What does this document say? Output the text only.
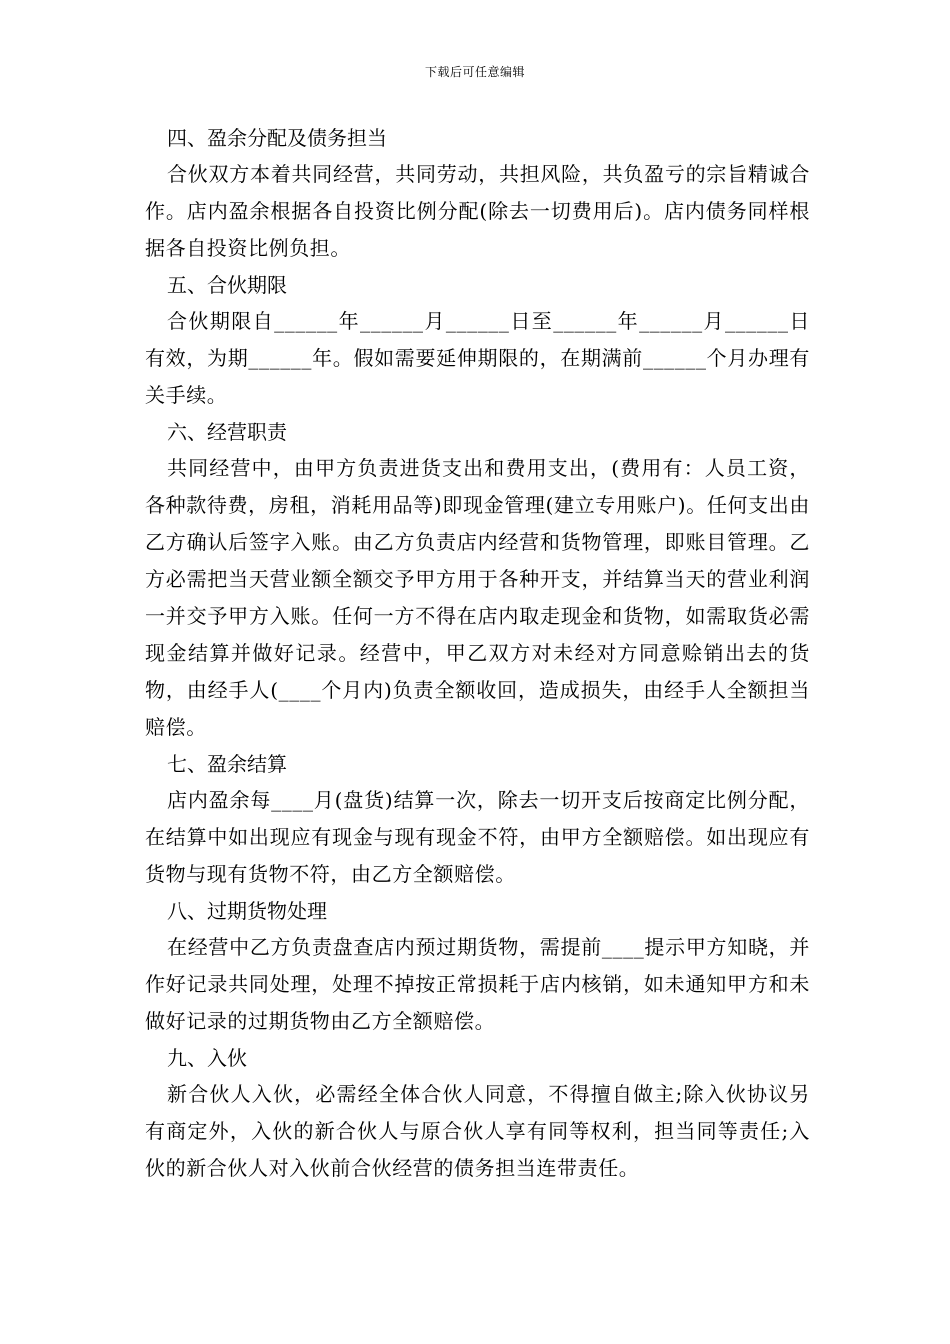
下载后可任意编辑
四、盈余分配及债务担当

合伙双方本着共同经营，共同劳动，共担风险，共负盈亏的宗旨精诚合作。店内盈余根据各自投资比例分配(除去一切费用后)。店内债务同样根据各自投资比例负担。

五、合伙期限

合伙期限自______年______月______日至______年______月______日有效，为期______年。假如需要延伸期限的，在期满前______个月办理有关手续。

六、经营职责

共同经营中，由甲方负责进货支出和费用支出，(费用有：人员工资，各种款待费，房租，消耗用品等)即现金管理(建立专用账户)。任何支出由乙方确认后签字入账。由乙方负责店内经营和货物管理，即账目管理。乙方必需把当天营业额全额交予甲方用于各种开支，并结算当天的营业利润一并交予甲方入账。任何一方不得在店内取走现金和货物，如需取货必需现金结算并做好记录。经营中，甲乙双方对未经对方同意赊销出去的货物，由经手人(____个月内)负责全额收回，造成损失，由经手人全额担当赔偿。

七、盈余结算

店内盈余每____月(盘货)结算一次，除去一切开支后按商定比例分配，在结算中如出现应有现金与现有现金不符，由甲方全额赔偿。如出现应有货物与现有货物不符，由乙方全额赔偿。

八、过期货物处理

在经营中乙方负责盘查店内预过期货物，需提前____提示甲方知晓，并作好记录共同处理，处理不掉按正常损耗于店内核销，如未通知甲方和未做好记录的过期货物由乙方全额赔偿。

九、入伙

新合伙人入伙，必需经全体合伙人同意，不得擅自做主;除入伙协议另有商定外，入伙的新合伙人与原合伙人享有同等权利，担当同等责任;入伙的新合伙人对入伙前合伙经营的债务担当连带责任。
